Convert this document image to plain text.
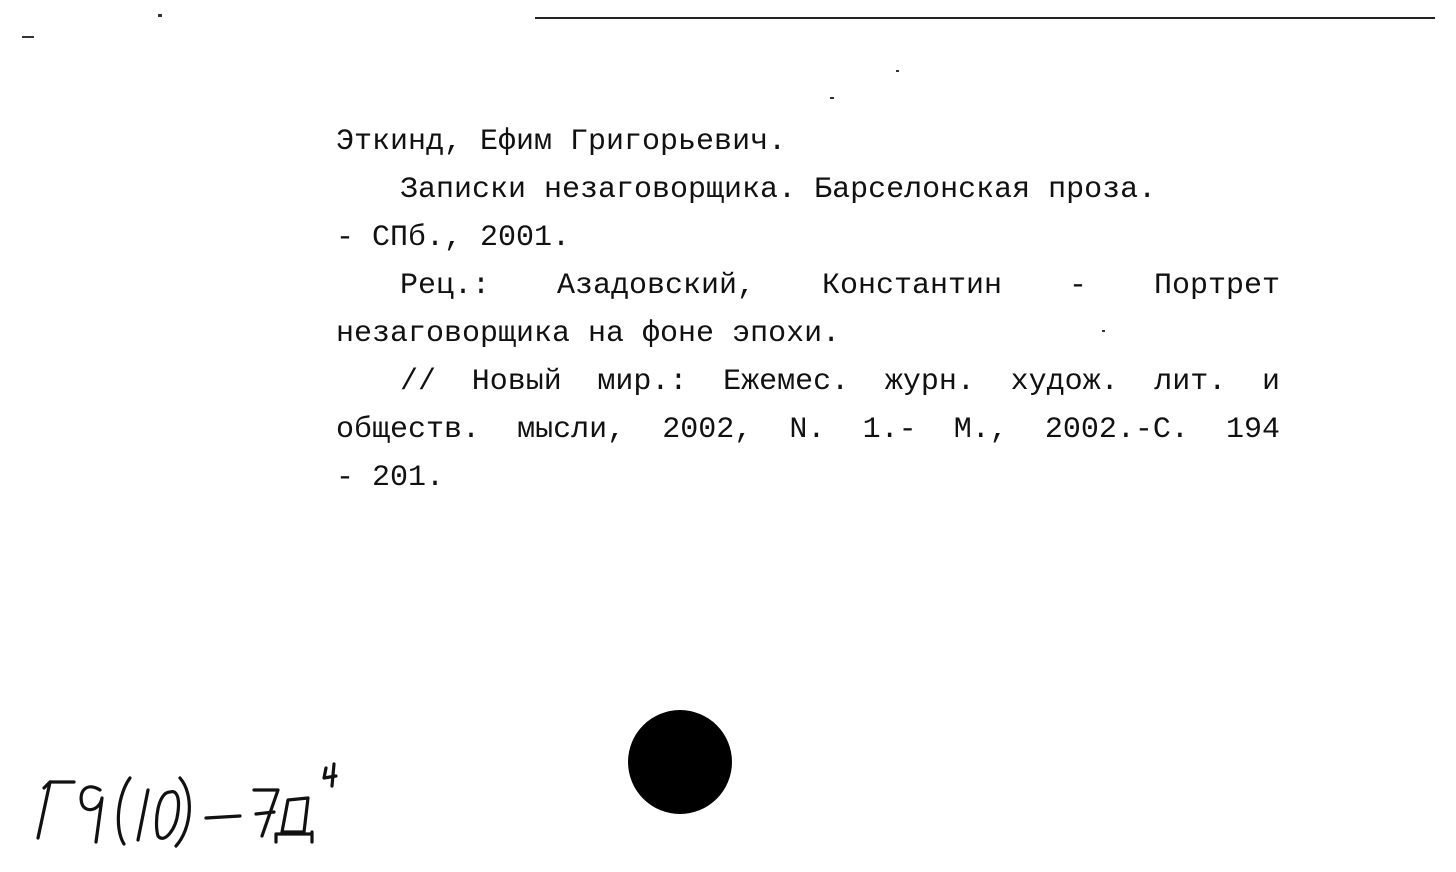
Эткинд, Ефим Григорьевич.

Записки незаговорщика. Барселонская проза.

- СПб., 2001.

Рец.: Азадовский, Константин - Портрет

незаговорщика на фоне эпохи.

// Новый мир.: Ежемес. журн. худож. лит. и

обществ. мысли, 2002, N. 1.- М., 2002.-С. 194

- 201.
